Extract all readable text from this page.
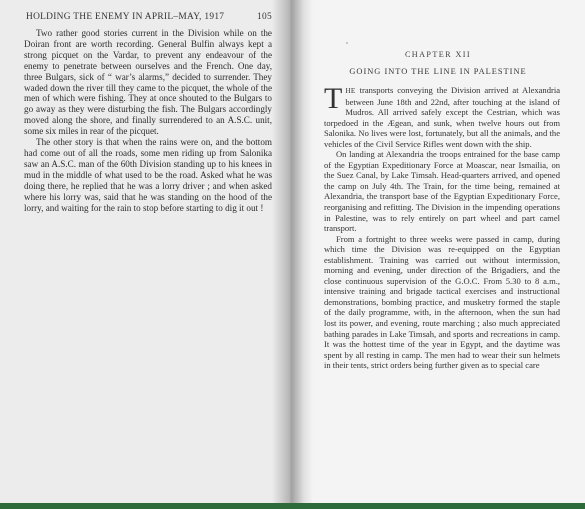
HOLDING THE ENEMY IN APRIL–MAY, 1917	105

Two rather good stories current in the Division while on the Doiran front are worth recording. General Bulfin always kept a strong picquet on the Vardar, to prevent any endeavour of the enemy to penetrate between ourselves and the French. One day, three Bulgars, sick of “ war’s alarms,” decided to surrender. They waded down the river till they came to the picquet, the whole of the men of which were fishing. They at once shouted to the Bulgars to go away as they were disturbing the fish. The Bulgars accordingly moved along the shore, and finally surrendered to an A.S.C. unit, some six miles in rear of the picquet.

The other story is that when the rains were on, and the bottom had come out of all the roads, some men riding up from Salonika saw an A.S.C. man of the 60th Division standing up to his knees in mud in the middle of what used to be the road. Asked what he was doing there, he replied that he was a lorry driver ; and when asked where his lorry was, said that he was standing on the hood of the lorry, and waiting for the rain to stop before starting to dig it out !

CHAPTER XII
GOING INTO THE LINE IN PALESTINE

THE transports conveying the Division arrived at Alexandria between June 18th and 22nd, after touching at the island of Mudros. All arrived safely except the Cestrian, which was torpedoed in the Ægean, and sunk, when twelve hours out from Salonika. No lives were lost, fortunately, but all the animals, and the vehicles of the Civil Service Rifles went down with the ship.

On landing at Alexandria the troops entrained for the base camp of the Egyptian Expeditionary Force at Moascar, near Ismailia, on the Suez Canal, by Lake Timsah. Head-quarters arrived, and opened the camp on July 4th. The Train, for the time being, remained at Alexandria, the transport base of the Egyptian Expeditionary Force, reorganising and refitting. The Division in the impending operations in Palestine, was to rely entirely on part wheel and part camel transport.

From a fortnight to three weeks were passed in camp, during which time the Division was re-equipped on the Egyptian establishment. Training was carried out without intermission, morning and evening, under direction of the Brigadiers, and the close continuous supervision of the G.O.C. From 5.30 to 8 a.m., intensive training and brigade tactical exercises and instructional demonstrations, bombing practice, and musketry formed the staple of the daily programme, with, in the afternoon, when the sun had lost its power, and evening, route marching ; also much appreciated bathing parades in Lake Timsah, and sports and recreations in camp. It was the hottest time of the year in Egypt, and the daytime was spent by all resting in camp. The men had to wear their sun helmets in their tents, strict orders being further given as to special care
